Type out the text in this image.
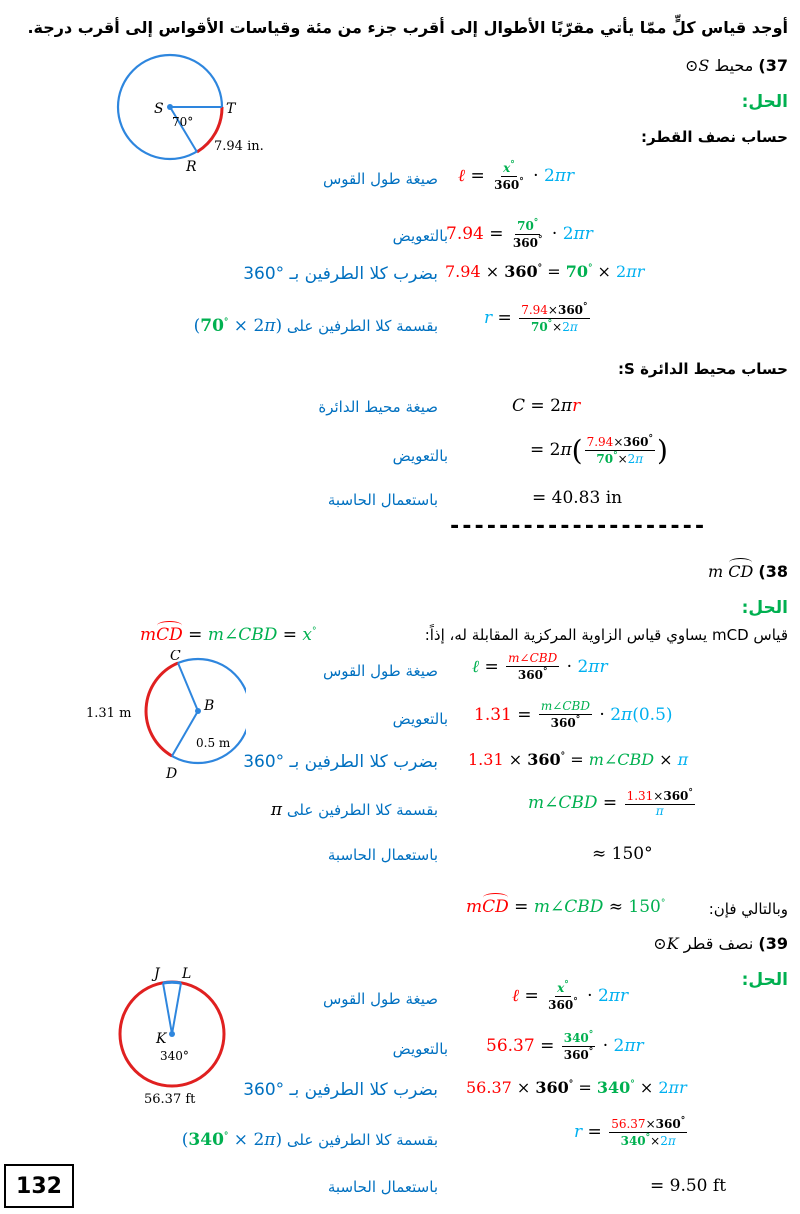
أوجد قياس كلٍّ ممّا يأتي مقرّبًا الأطوال إلى أقرب جزء من مئة وقياسات الأقواس إلى أقرب درجة.
37) محيط ⊙S
الحل:
S	T
R
70°
7.94 in.
حساب نصف القطر:
صيغة طول القوس ℓ = $\frac{x^\circ}{360^\circ} \cdot 2\pi r$
بالتعويض
$7.94 = \frac{70^\circ}{360^\circ} \cdot 2\pi r$
بضرب كلا الطرفين بـ °360 7.94 × 360° = 70° × 2πr
بقسمة كلا الطرفين على (70° × 2π)	$r = \frac{7.94\times 360^\circ}{70^\circ\times 2\pi}$
حساب محيط الدائرة S:
صيغة محيط الدائرة	C = 2πr
بالتعويض	= $2\pi( \frac{7.94\times 360^\circ}{70^\circ\times 2\pi}$ )
باستعمال الحاسبة	= 40.83 in
---------------------
38) m CD
الحل:
قياس mCD يساوي قياس الزاوية المركزية المقابلة له، إذاً:
mCD = m∠CBD = x°
C
B
D
1.31 m
0.5 m
صيغة طول القوس ℓ = $\frac{\text{m∠CBD}}{360^\circ} \cdot 2\pi r$
بالتعويض $1.31 = \frac{\text{m∠CBD}}{360^\circ} \cdot 2\pi(0.5)$
بضرب كلا الطرفين بـ °360 1.31 × 360° = m∠CBD × π
بقسمة كلا الطرفين على π	m∠CBD = $\frac{1.31\times 360^\circ}{\pi}$
باستعمال الحاسبة	≈ 150°
وبالتالي فإن:
mCD = m∠CBD ≈ 150°
39) نصف قطر ⊙K
الحل:
J L
K
340°
56.37 ft
صيغة طول القوس	ℓ = $\frac{x^\circ}{360^\circ} \cdot 2\pi r$
بالتعويض $56.37 = \frac{340^\circ}{360^\circ} \cdot 2\pi r$
بضرب كلا الطرفين بـ °360 56.37 × 360° = 340° × 2πr
بقسمة كلا الطرفين على (340° × 2π)	$r = \frac{56.37\times 360^\circ}{340^\circ\times 2\pi}$
باستعمال الحاسبة	= 9.50 ft
132
